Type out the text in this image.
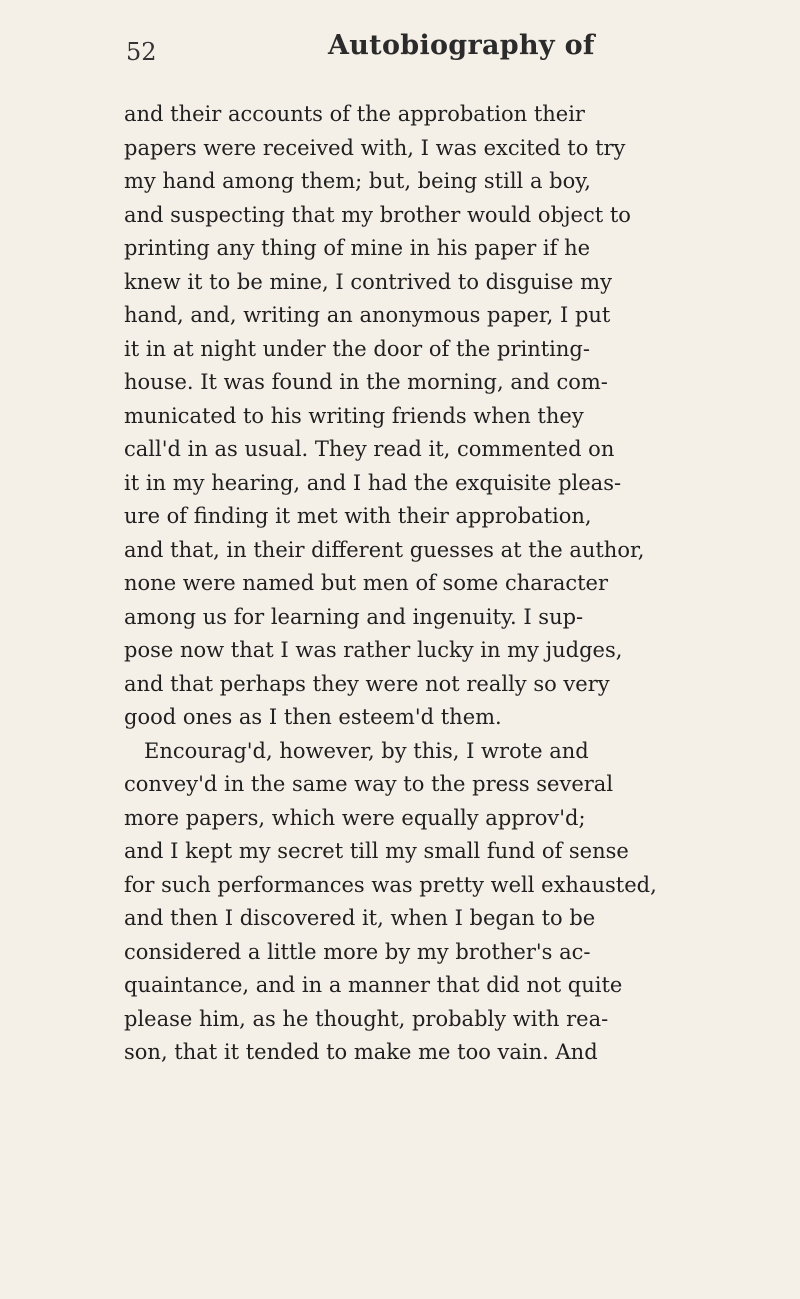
52	Autobiography of
and their accounts of the approbation their
papers were received with, I was excited to try
my hand among them; but, being still a boy,
and suspecting that my brother would object to
printing any thing of mine in his paper if he
knew it to be mine, I contrived to disguise my
hand, and, writing an anonymous paper, I put
it in at night under the door of the printing-
house. It was found in the morning, and com-
municated to his writing friends when they
call'd in as usual. They read it, commented on
it in my hearing, and I had the exquisite pleas-
ure of finding it met with their approbation,
and that, in their different guesses at the author,
none were named but men of some character
among us for learning and ingenuity. I sup-
pose now that I was rather lucky in my judges,
and that perhaps they were not really so very
good ones as I then esteem'd them.
Encourag'd, however, by this, I wrote and
convey'd in the same way to the press several
more papers, which were equally approv'd;
and I kept my secret till my small fund of sense
for such performances was pretty well exhausted,
and then I discovered it, when I began to be
considered a little more by my brother's ac-
quaintance, and in a manner that did not quite
please him, as he thought, probably with rea-
son, that it tended to make me too vain. And
